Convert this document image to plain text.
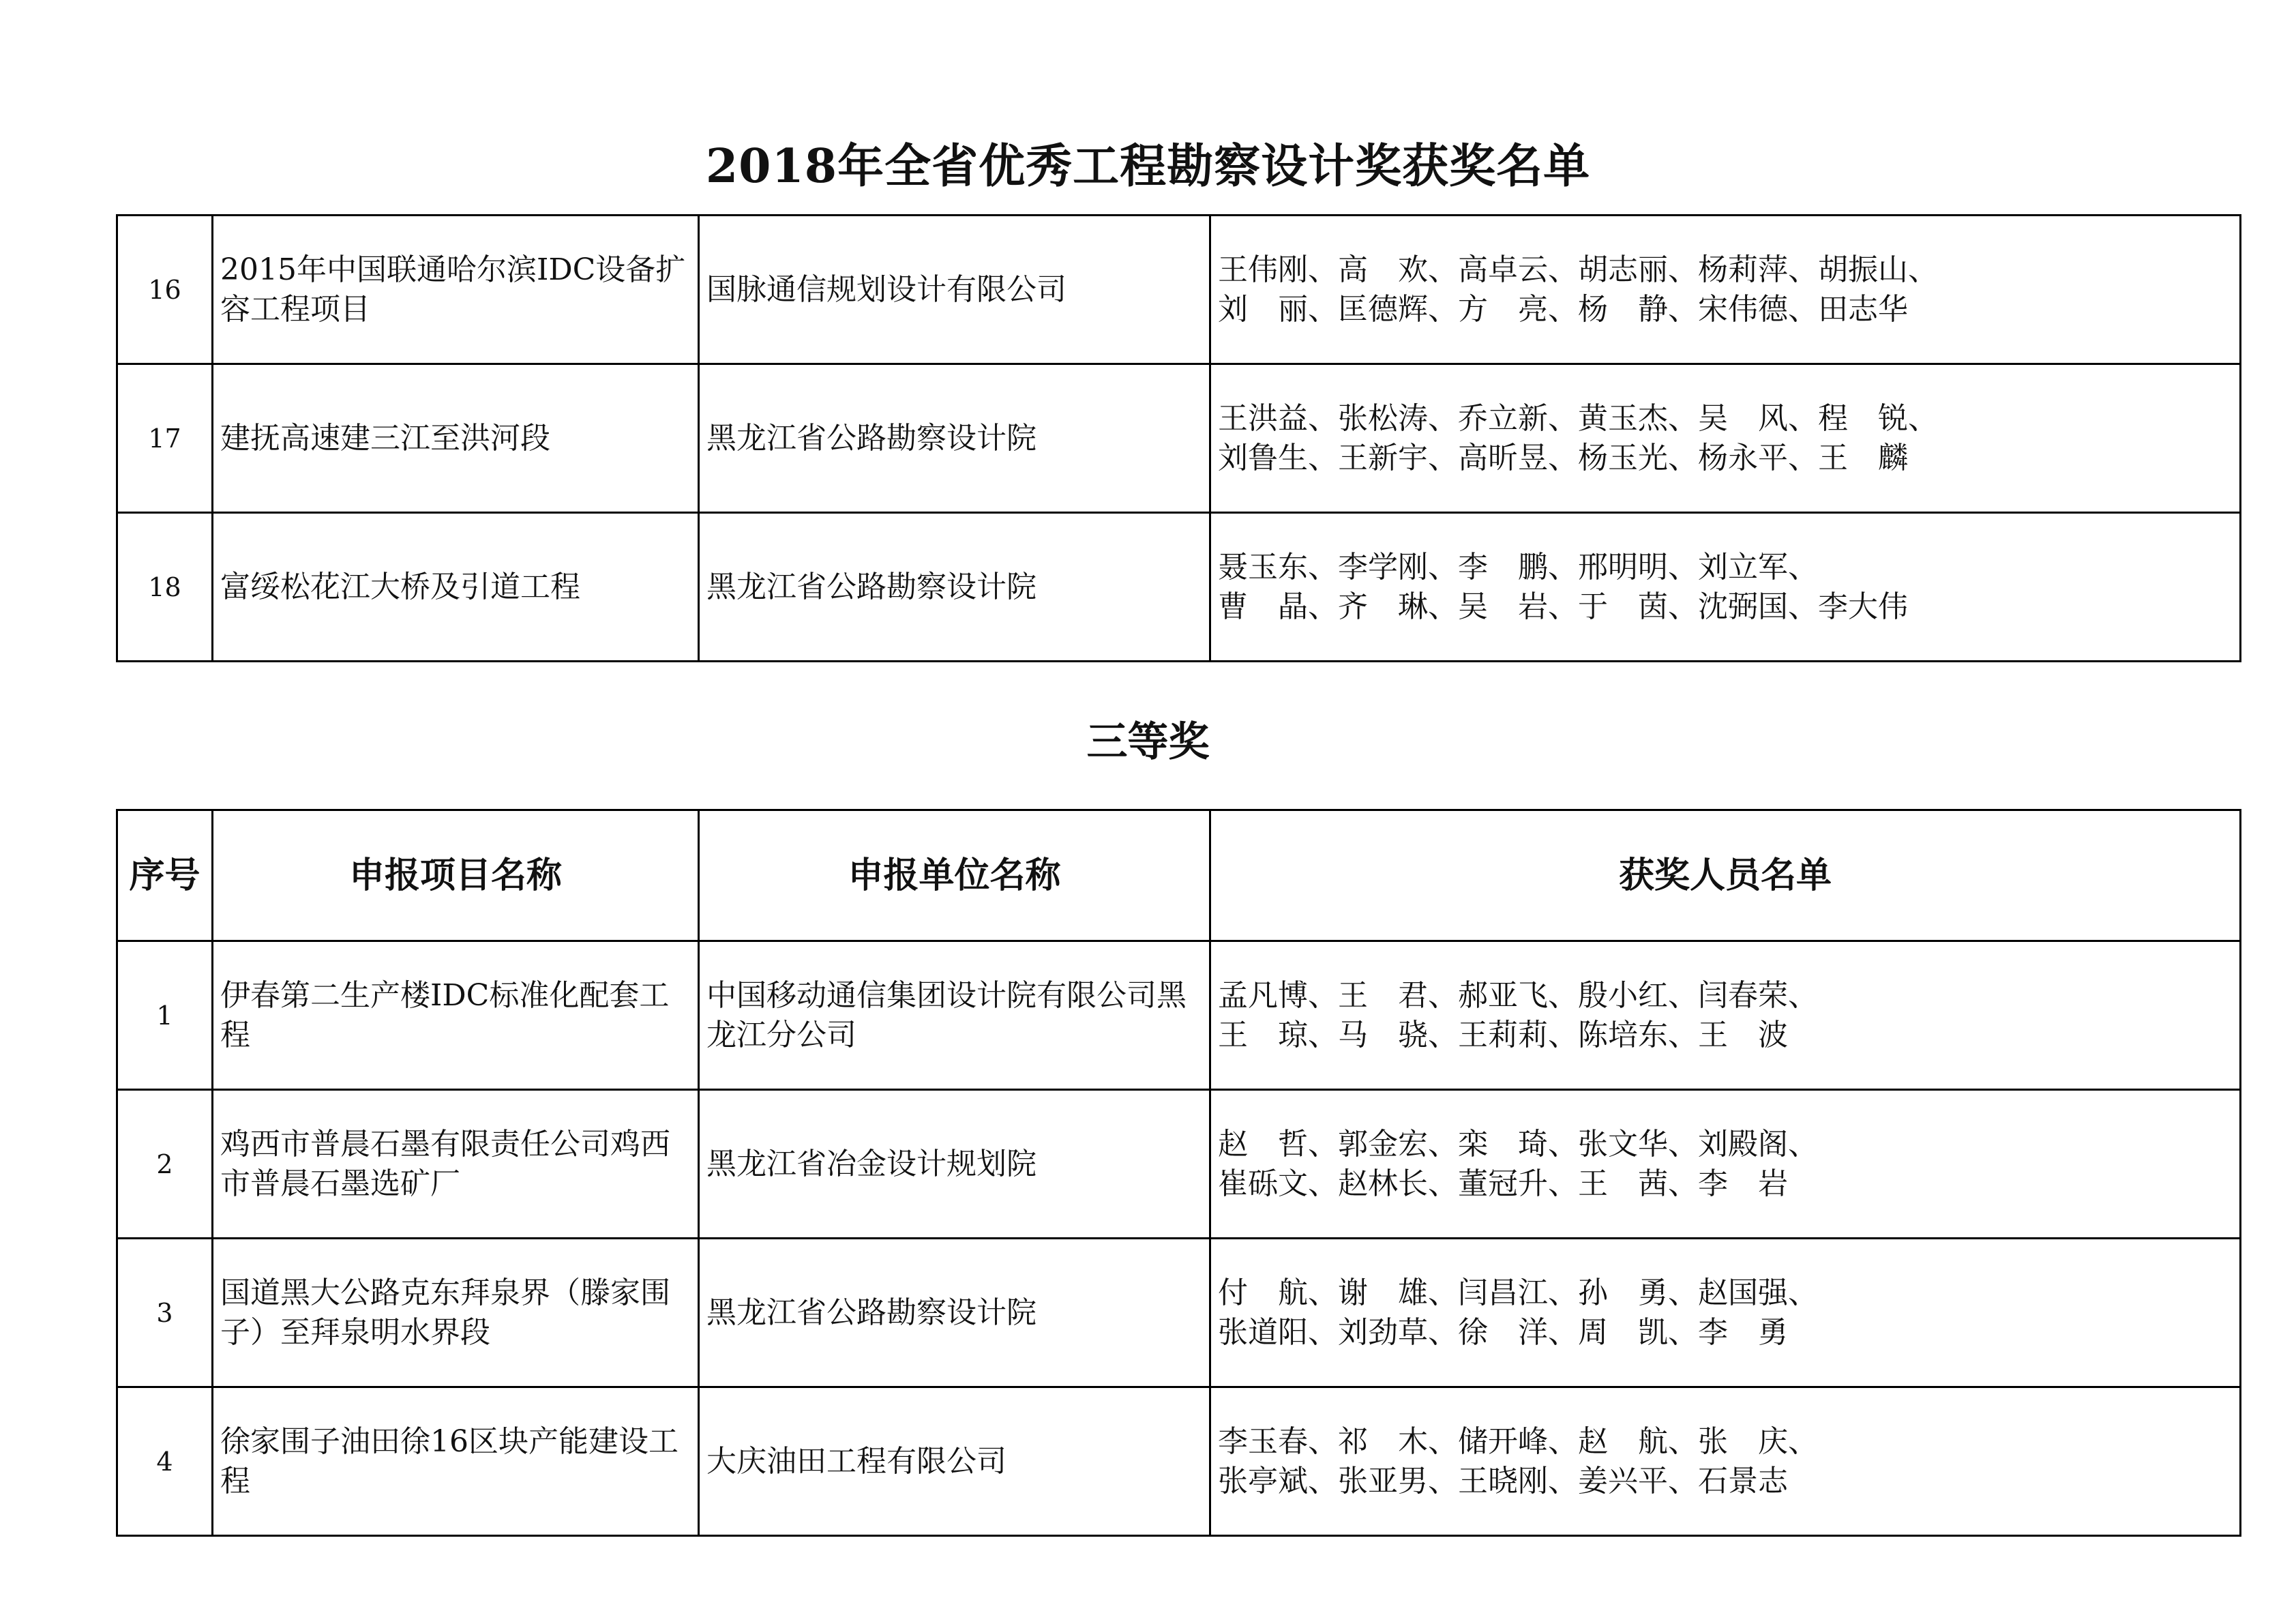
2018年全省优秀工程勘察设计奖获奖名单
16	2015年中国联通哈尔滨IDC设备扩容工程项目	国脉通信规划设计有限公司	王伟刚、高　欢、高卓云、胡志丽、杨莉萍、胡振山、
刘　丽、匡德辉、方　亮、杨　静、宋伟德、田志华

17	建抚高速建三江至洪河段	黑龙江省公路勘察设计院	王洪益、张松涛、乔立新、黄玉杰、吴　风、程　锐、
刘鲁生、王新宇、高昕昱、杨玉光、杨永平、王　麟

18	富绥松花江大桥及引道工程	黑龙江省公路勘察设计院	聂玉东、李学刚、李　鹏、邢明明、刘立军、
曹　晶、齐　琳、吴　岩、于　茵、沈弼国、李大伟
三等奖
序号	申报项目名称	申报单位名称	获奖人员名单
1	伊春第二生产楼IDC标准化配套工程	中国移动通信集团设计院有限公司黑龙江分公司	孟凡博、王　君、郝亚飞、殷小红、闫春荣、
王　琼、马　骁、王莉莉、陈培东、王　波

2	鸡西市普晨石墨有限责任公司鸡西市普晨石墨选矿厂	黑龙江省冶金设计规划院	赵　哲、郭金宏、栾　琦、张文华、刘殿阁、
崔砾文、赵林长、董冠升、王　茜、李　岩

3	国道黑大公路克东拜泉界（滕家围子）至拜泉明水界段	黑龙江省公路勘察设计院	付　航、谢　雄、闫昌江、孙　勇、赵国强、
张道阳、刘劲草、徐　洋、周　凯、李　勇

4	徐家围子油田徐16区块产能建设工程	大庆油田工程有限公司	李玉春、祁　木、储开峰、赵　航、张　庆、
张亭斌、张亚男、王晓刚、姜兴平、石景志
